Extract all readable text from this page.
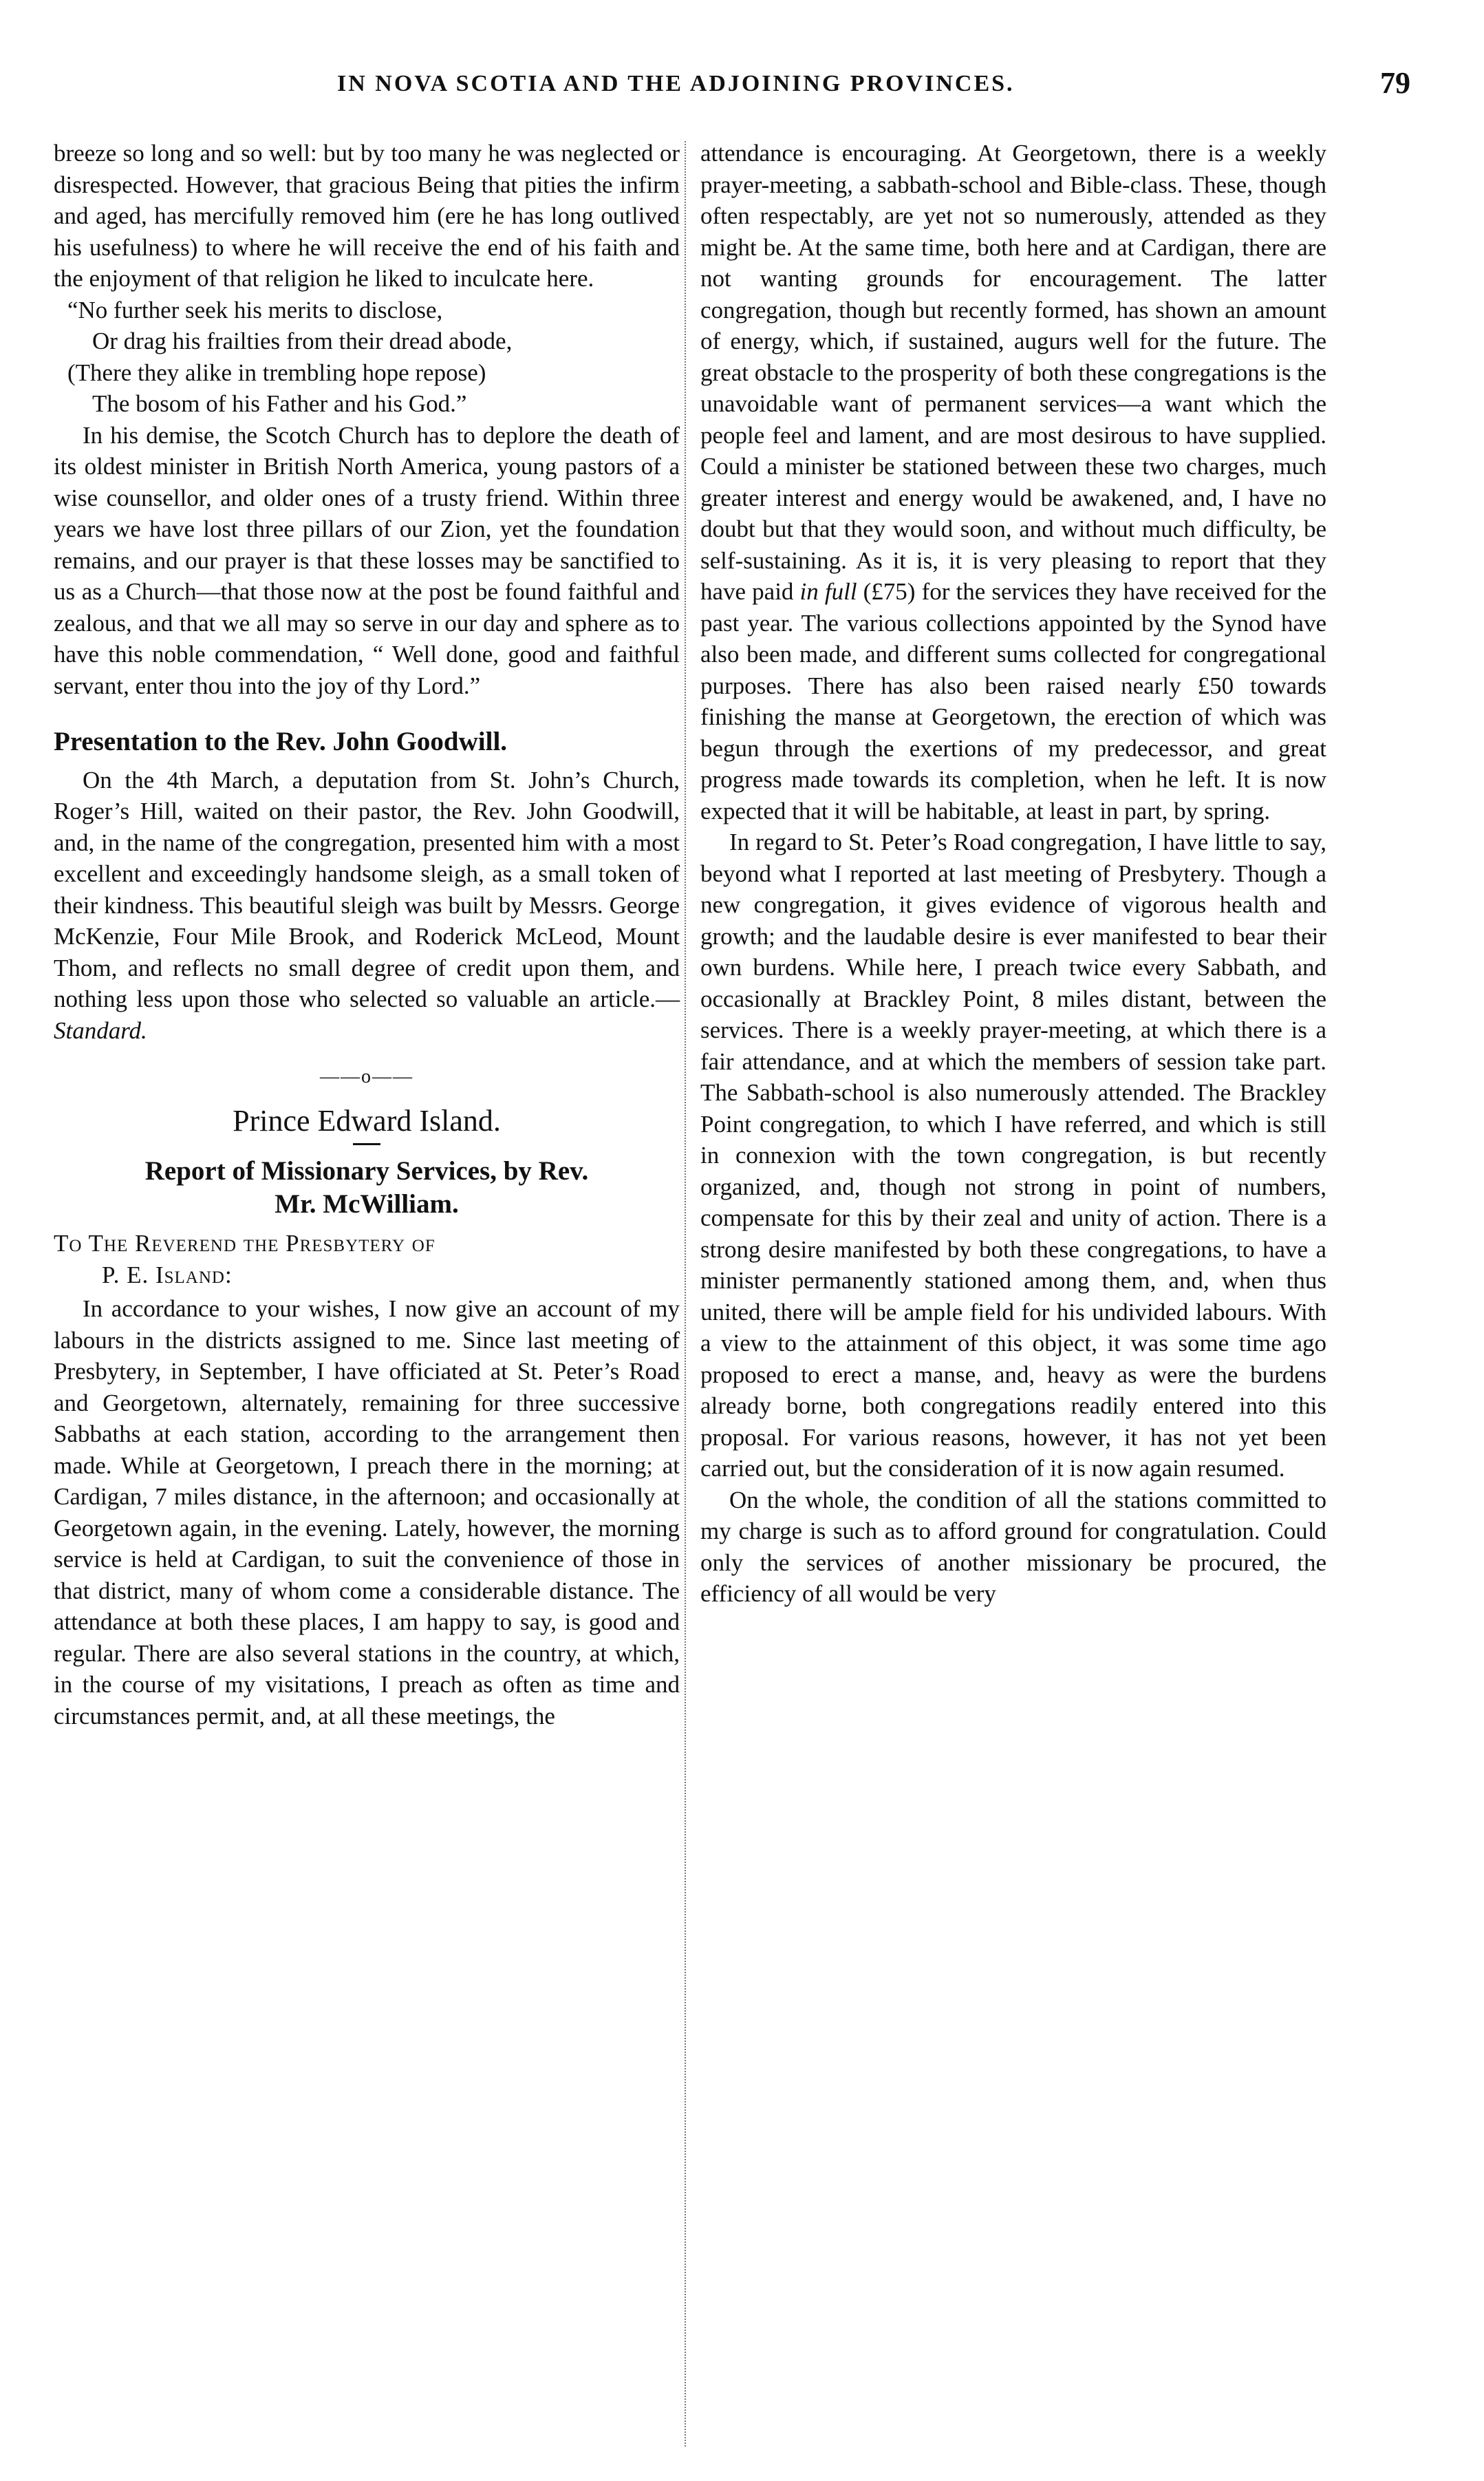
IN NOVA SCOTIA AND THE ADJOINING PROVINCES.	79

breeze so long and so well: but by too many he was neglected or disrespected. However, that gracious Being that pities the infirm and aged, has mercifully removed him (ere he has long outlived his usefulness) to where he will receive the end of his faith and the enjoyment of that religion he liked to inculcate here.

“No further seek his merits to disclose,
Or drag his frailties from their dread abode,
(There they alike in trembling hope repose)
The bosom of his Father and his God.”

In his demise, the Scotch Church has to deplore the death of its oldest minister in British North America, young pastors of a wise counsellor, and older ones of a trusty friend. Within three years we have lost three pillars of our Zion, yet the foundation remains, and our prayer is that these losses may be sanctified to us as a Church—that those now at the post be found faithful and zealous, and that we all may so serve in our day and sphere as to have this noble commendation, “ Well done, good and faithful servant, enter thou into the joy of thy Lord.”

Presentation to the Rev. John Goodwill.

On the 4th March, a deputation from St. John’s Church, Roger’s Hill, waited on their pastor, the Rev. John Goodwill, and, in the name of the congregation, presented him with a most excellent and exceedingly handsome sleigh, as a small token of their kindness. This beautiful sleigh was built by Messrs. George McKenzie, Four Mile Brook, and Roderick McLeod, Mount Thom, and reflects no small degree of credit upon them, and nothing less upon those who selected so valuable an article.—Standard.

——o——
Prince Edward Island.
Report of Missionary Services, by Rev.
Mr. McWilliam.

To The Reverend the Presbytery of

P. E. Island:

In accordance to your wishes, I now give an account of my labours in the districts assigned to me. Since last meeting of Presbytery, in September, I have officiated at St. Peter’s Road and Georgetown, alternately, remaining for three successive Sabbaths at each station, according to the arrangement then made. While at Georgetown, I preach there in the morning; at Cardigan, 7 miles distance, in the afternoon; and occasionally at Georgetown again, in the evening. Lately, however, the morning service is held at Cardigan, to suit the convenience of those in that district, many of whom come a considerable distance. The attendance at both these places, I am happy to say, is good and regular. There are also several stations in the country, at which, in the course of my visitations, I preach as often as time and circumstances permit, and, at all these meetings, the

attendance is encouraging. At Georgetown, there is a weekly prayer-meeting, a sabbath-school and Bible-class. These, though often respectably, are yet not so numerously, attended as they might be. At the same time, both here and at Cardigan, there are not wanting grounds for encouragement. The latter congregation, though but recently formed, has shown an amount of energy, which, if sustained, augurs well for the future. The great obstacle to the prosperity of both these congregations is the unavoidable want of permanent services—a want which the people feel and lament, and are most desirous to have supplied. Could a minister be stationed between these two charges, much greater interest and energy would be awakened, and, I have no doubt but that they would soon, and without much difficulty, be self-sustaining. As it is, it is very pleasing to report that they have paid in full (£75) for the services they have received for the past year. The various collections appointed by the Synod have also been made, and different sums collected for congregational purposes. There has also been raised nearly £50 towards finishing the manse at Georgetown, the erection of which was begun through the exertions of my predecessor, and great progress made towards its completion, when he left. It is now expected that it will be habitable, at least in part, by spring.

In regard to St. Peter’s Road congregation, I have little to say, beyond what I reported at last meeting of Presbytery. Though a new congregation, it gives evidence of vigorous health and growth; and the laudable desire is ever manifested to bear their own burdens. While here, I preach twice every Sabbath, and occasionally at Brackley Point, 8 miles distant, between the services. There is a weekly prayer-meeting, at which there is a fair attendance, and at which the members of session take part. The Sabbath-school is also numerously attended. The Brackley Point congregation, to which I have referred, and which is still in connexion with the town congregation, is but recently organized, and, though not strong in point of numbers, compensate for this by their zeal and unity of action. There is a strong desire manifested by both these congregations, to have a minister permanently stationed among them, and, when thus united, there will be ample field for his undivided labours. With a view to the attainment of this object, it was some time ago proposed to erect a manse, and, heavy as were the burdens already borne, both congregations readily entered into this proposal. For various reasons, however, it has not yet been carried out, but the consideration of it is now again resumed.

On the whole, the condition of all the stations committed to my charge is such as to afford ground for congratulation. Could only the services of another missionary be procured, the efficiency of all would be very
